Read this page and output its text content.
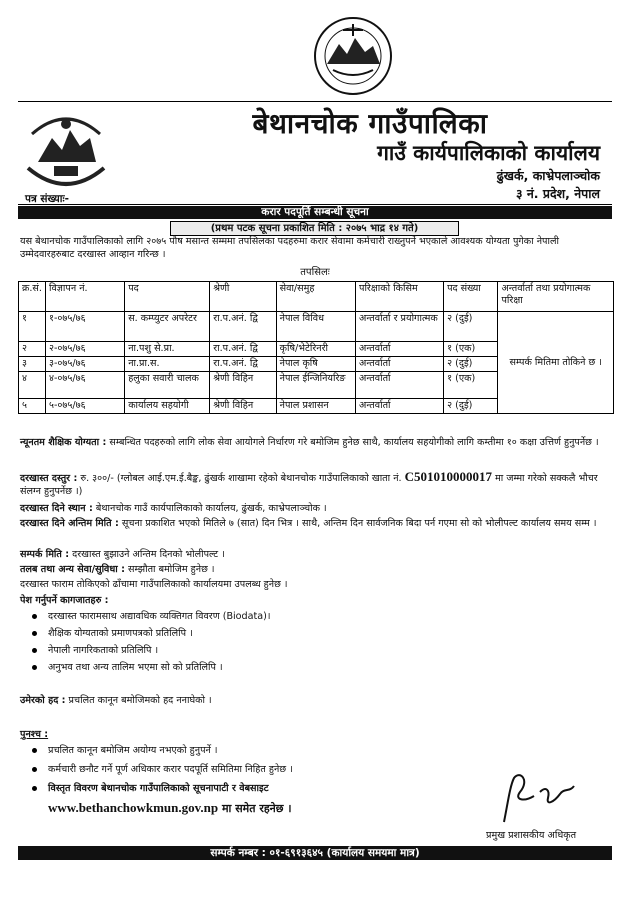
बेथानचोक गाउँपालिका
गाउँ कार्यपालिकाको कार्यालय
ढुंखर्क, काभ्रेपलाञ्चोक
३ नं. प्रदेश, नेपाल
पत्र संख्याः-
करार पदपूर्ति सम्बन्धी सूचना
(प्रथम पटक सूचना प्रकाशित मिति : २०७५ भाद्र १४ गते)
यस बेथानचोक गाउँपालिकाको लागि २०७५ पौष मसान्त सम्ममा तपसिलका पदहरुमा करार सेवामा कर्मचारी राख्नुपर्ने भएकाले आवश्यक योग्यता पुगेका नेपाली उम्मेदवारहरुबाट दरखास्त आव्हान गरिन्छ ।
तपसिलः
क्र.सं.	विज्ञापन नं.	पद	श्रेणी	सेवा/समुह	परिक्षाको किसिम	पद संख्या	अन्तर्वार्ता तथा प्रयोगात्मक परिक्षा
१	१-०७५/७६	स. कम्प्युटर अपरेटर	रा.प.अनं. द्वि	नेपाल विविध	अन्तर्वार्ता र प्रयोगात्मक	२ (दुई)	सम्पर्क मितिमा तोकिने छ ।
२	२-०७५/७६	ना.पशु से.प्रा.	रा.प.अनं. द्वि	कृषि/भेटेरिनरी	अन्तर्वार्ता	१ (एक)	
३	३-०७५/७६	ना.प्रा.स.	रा.प.अनं. द्वि	नेपाल कृषि	अन्तर्वार्ता	२ (दुई)	
४	४-०७५/७६	हलुका सवारी चालक	श्रेणी विहिन	नेपाल ईन्जिनियरिङ	अन्तर्वार्ता	१ (एक)	
५	५-०७५/७६	कार्यालय सहयोगी	श्रेणी विहिन	नेपाल प्रशासन	अन्तर्वार्ता	२ (दुई)	
न्यूनतम शैक्षिक योग्यता : सम्बन्धित पदहरुको लागि लोक सेवा आयोगले निर्धारण गरे बमोजिम हुनेछ साथै, कार्यालय सहयोगीको लागि कम्तीमा १० कक्षा उत्तिर्ण हुनुपर्नेछ ।
दरखास्त दस्तुर : रु. ३००/- (ग्लोबल आई.एम.ई.बैङ्क, ढुंखर्क शाखामा रहेको बेथानचोक गाउँपालिकाको खाता नं. C501010000017 मा जम्मा गरेको सक्कलै भौचर संलग्न हुनुपर्नेछ ।)
दरखास्त दिने स्थान : बेथानचोक गाउँ कार्यपालिकाको कार्यालय, ढुंखर्क, काभ्रेपलाञ्चोक ।
दरखास्त दिने अन्तिम मिति : सूचना प्रकाशित भएको मितिले ७ (सात) दिन भित्र । साथै, अन्तिम दिन सार्वजनिक बिदा पर्न गएमा सो को भोलीपल्ट कार्यालय समय सम्म ।
सम्पर्क मिति : दरखास्त बुझाउने अन्तिम दिनको भोलीपल्ट ।
तलब तथा अन्य सेवा/सुविधा : सम्झौता बमोजिम हुनेछ ।
दरखास्त फाराम तोकिएको ढाँचामा गाउँपालिकाको कार्यालयमा उपलब्ध हुनेछ ।
पेश गर्नुपर्ने कागजातहरु :
दरखास्त फारामसाथ अद्यावधिक व्यक्तिगत विवरण (Biodata)।
शैक्षिक योग्यताको प्रमाणपत्रको प्रतिलिपि ।
नेपाली नागरिकताको प्रतिलिपि ।
अनुभव तथा अन्य तालिम भएमा सो को प्रतिलिपि ।
उमेरको हद : प्रचलित कानून बमोजिमको हद ननाघेको ।
पुनश्च :
प्रचलित कानून बमोजिम अयोग्य नभएको हुनुपर्ने ।
कर्मचारी छनौट गर्ने पूर्ण अधिकार करार पदपूर्ति समितिमा निहित हुनेछ ।
विस्तृत विवरण बेथानचोक गाउँपालिकाको सूचनापाटी र वेबसाइट
www.bethanchowkmun.gov.np मा समेत रहनेछ ।
प्रमुख प्रशासकीय अधिकृत
सम्पर्क नम्बर : ०१-६९१३६४५ (कार्यालय समयमा मात्र)
